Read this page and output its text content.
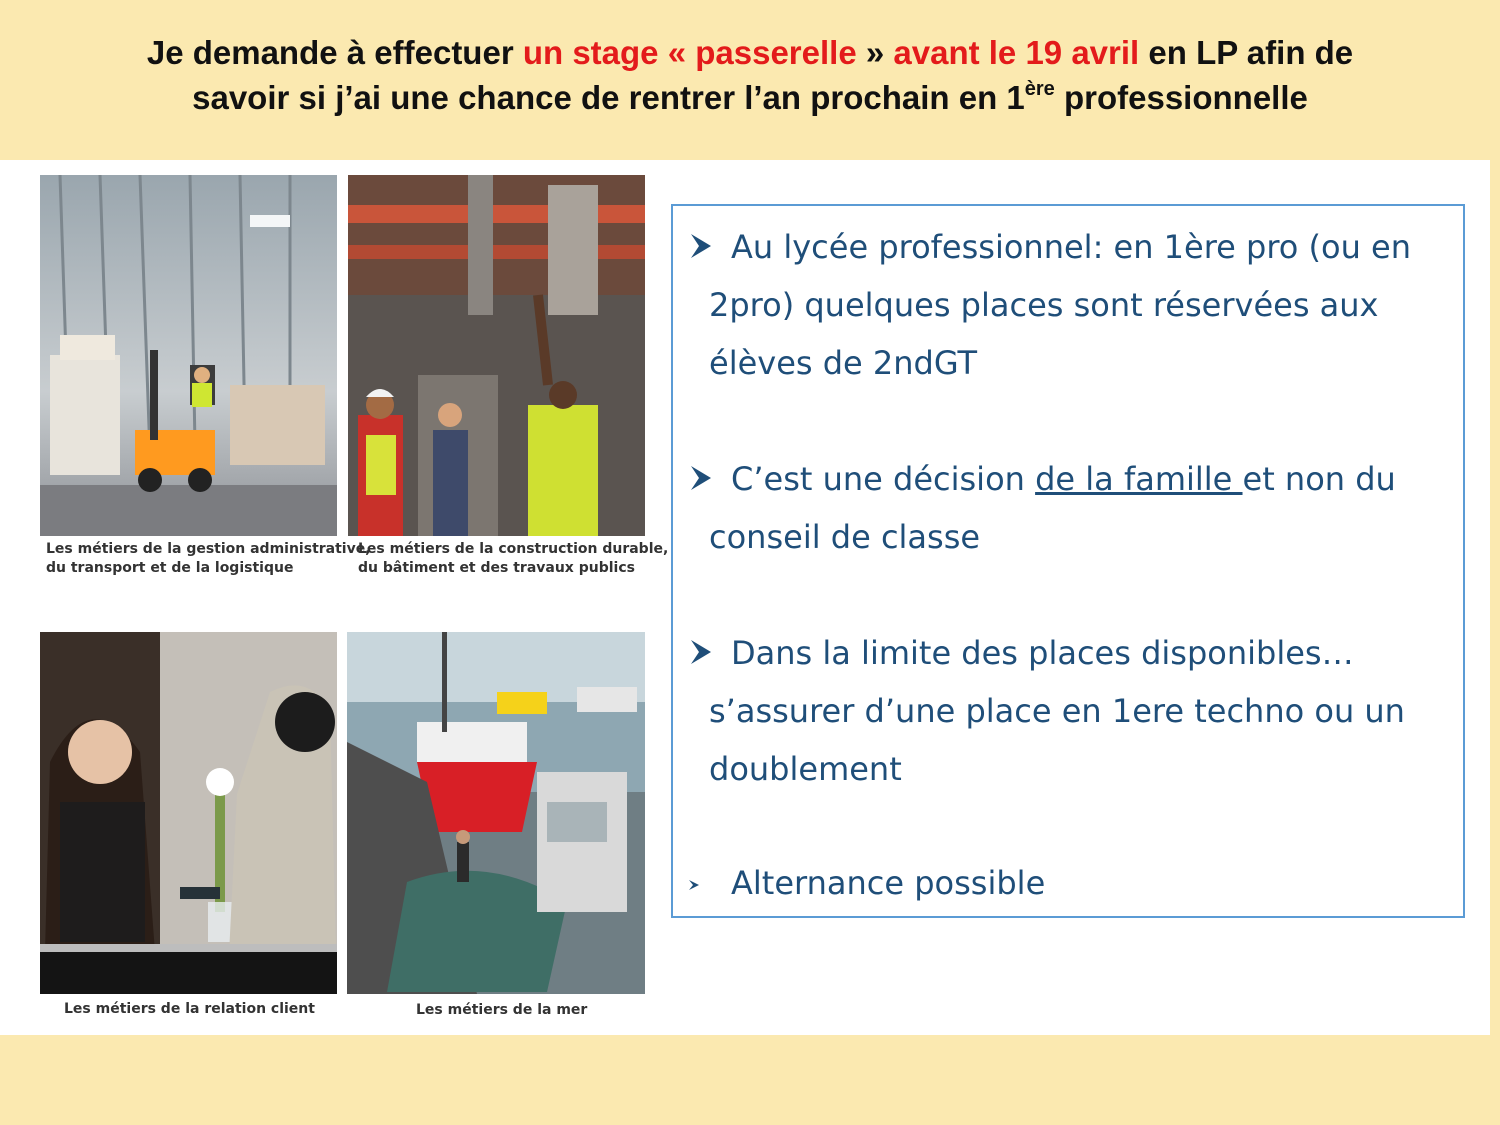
Je demande à effectuer un stage « passerelle » avant le 19 avril en LP afin de
savoir si j’ai une chance de rentrer l’an prochain en 1ère professionnelle
Les métiers de la gestion administrative,
du transport et de la logistique
Les métiers de la construction durable,
du bâtiment et des travaux publics
Les métiers de la relation client	Les métiers de la mer
Au lycée professionnel: en 1ère pro (ou en 2pro) quelques places sont réservées aux élèves de 2ndGT
C’est une décision de la famille et non du conseil de classe
Dans la limite des places disponibles…s’assurer d’une place en 1ere techno ou un doublement
Alternance possible
